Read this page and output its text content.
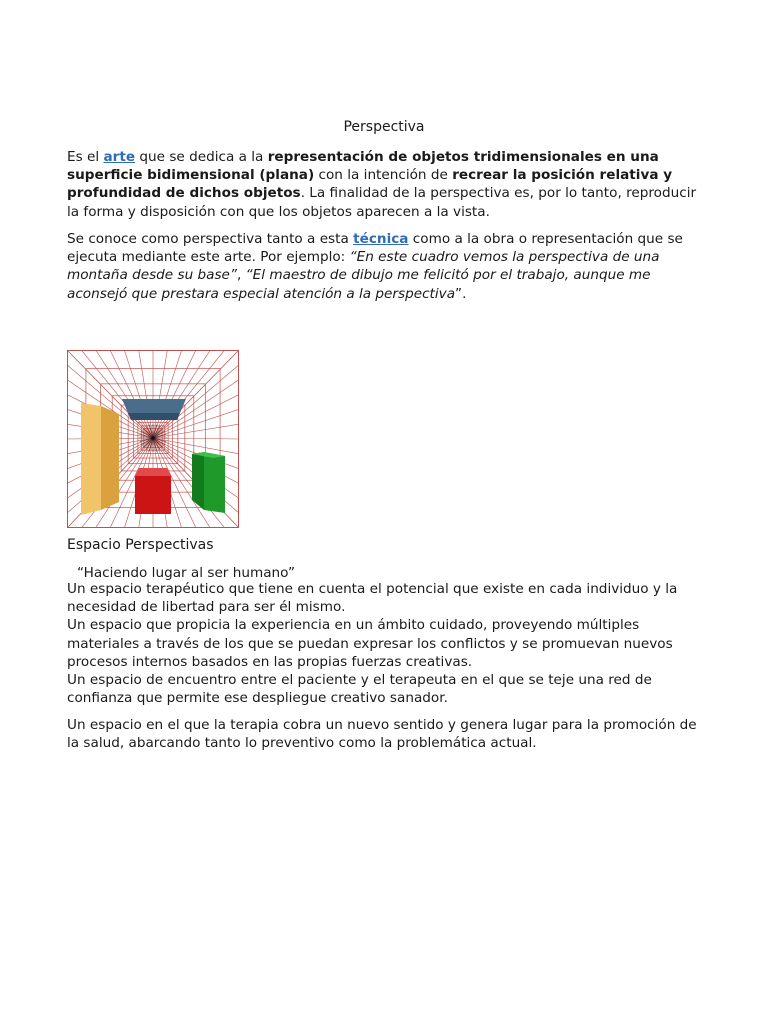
Perspectiva

Es el arte que se dedica a la representación de objetos tridimensionales en una superficie bidimensional (plana) con la intención de recrear la posición relativa y profundidad de dichos objetos. La finalidad de la perspectiva es, por lo tanto, reproducir la forma y disposición con que los objetos aparecen a la vista.

Se conoce como perspectiva tanto a esta técnica como a la obra o representación que se ejecuta mediante este arte. Por ejemplo: “En este cuadro vemos la perspectiva de una montaña desde su base”, “El maestro de dibujo me felicitó por el trabajo, aunque me aconsejó que prestara especial atención a la perspectiva”.

Espacio Perspectivas

“Haciendo lugar al ser humano”

Un espacio terapéutico que tiene en cuenta el potencial que existe en cada individuo y la necesidad de libertad para ser él mismo.
Un espacio que propicia la experiencia en un ámbito cuidado, proveyendo múltiples materiales a través de los que se puedan expresar los conflictos y se promuevan nuevos procesos internos basados en las propias fuerzas creativas.
Un espacio de encuentro entre el paciente y el terapeuta en el que se teje una red de confianza que permite ese despliegue creativo sanador.

Un espacio en el que la terapia cobra un nuevo sentido y genera lugar para la promoción de la salud, abarcando tanto lo preventivo como la problemática actual.
